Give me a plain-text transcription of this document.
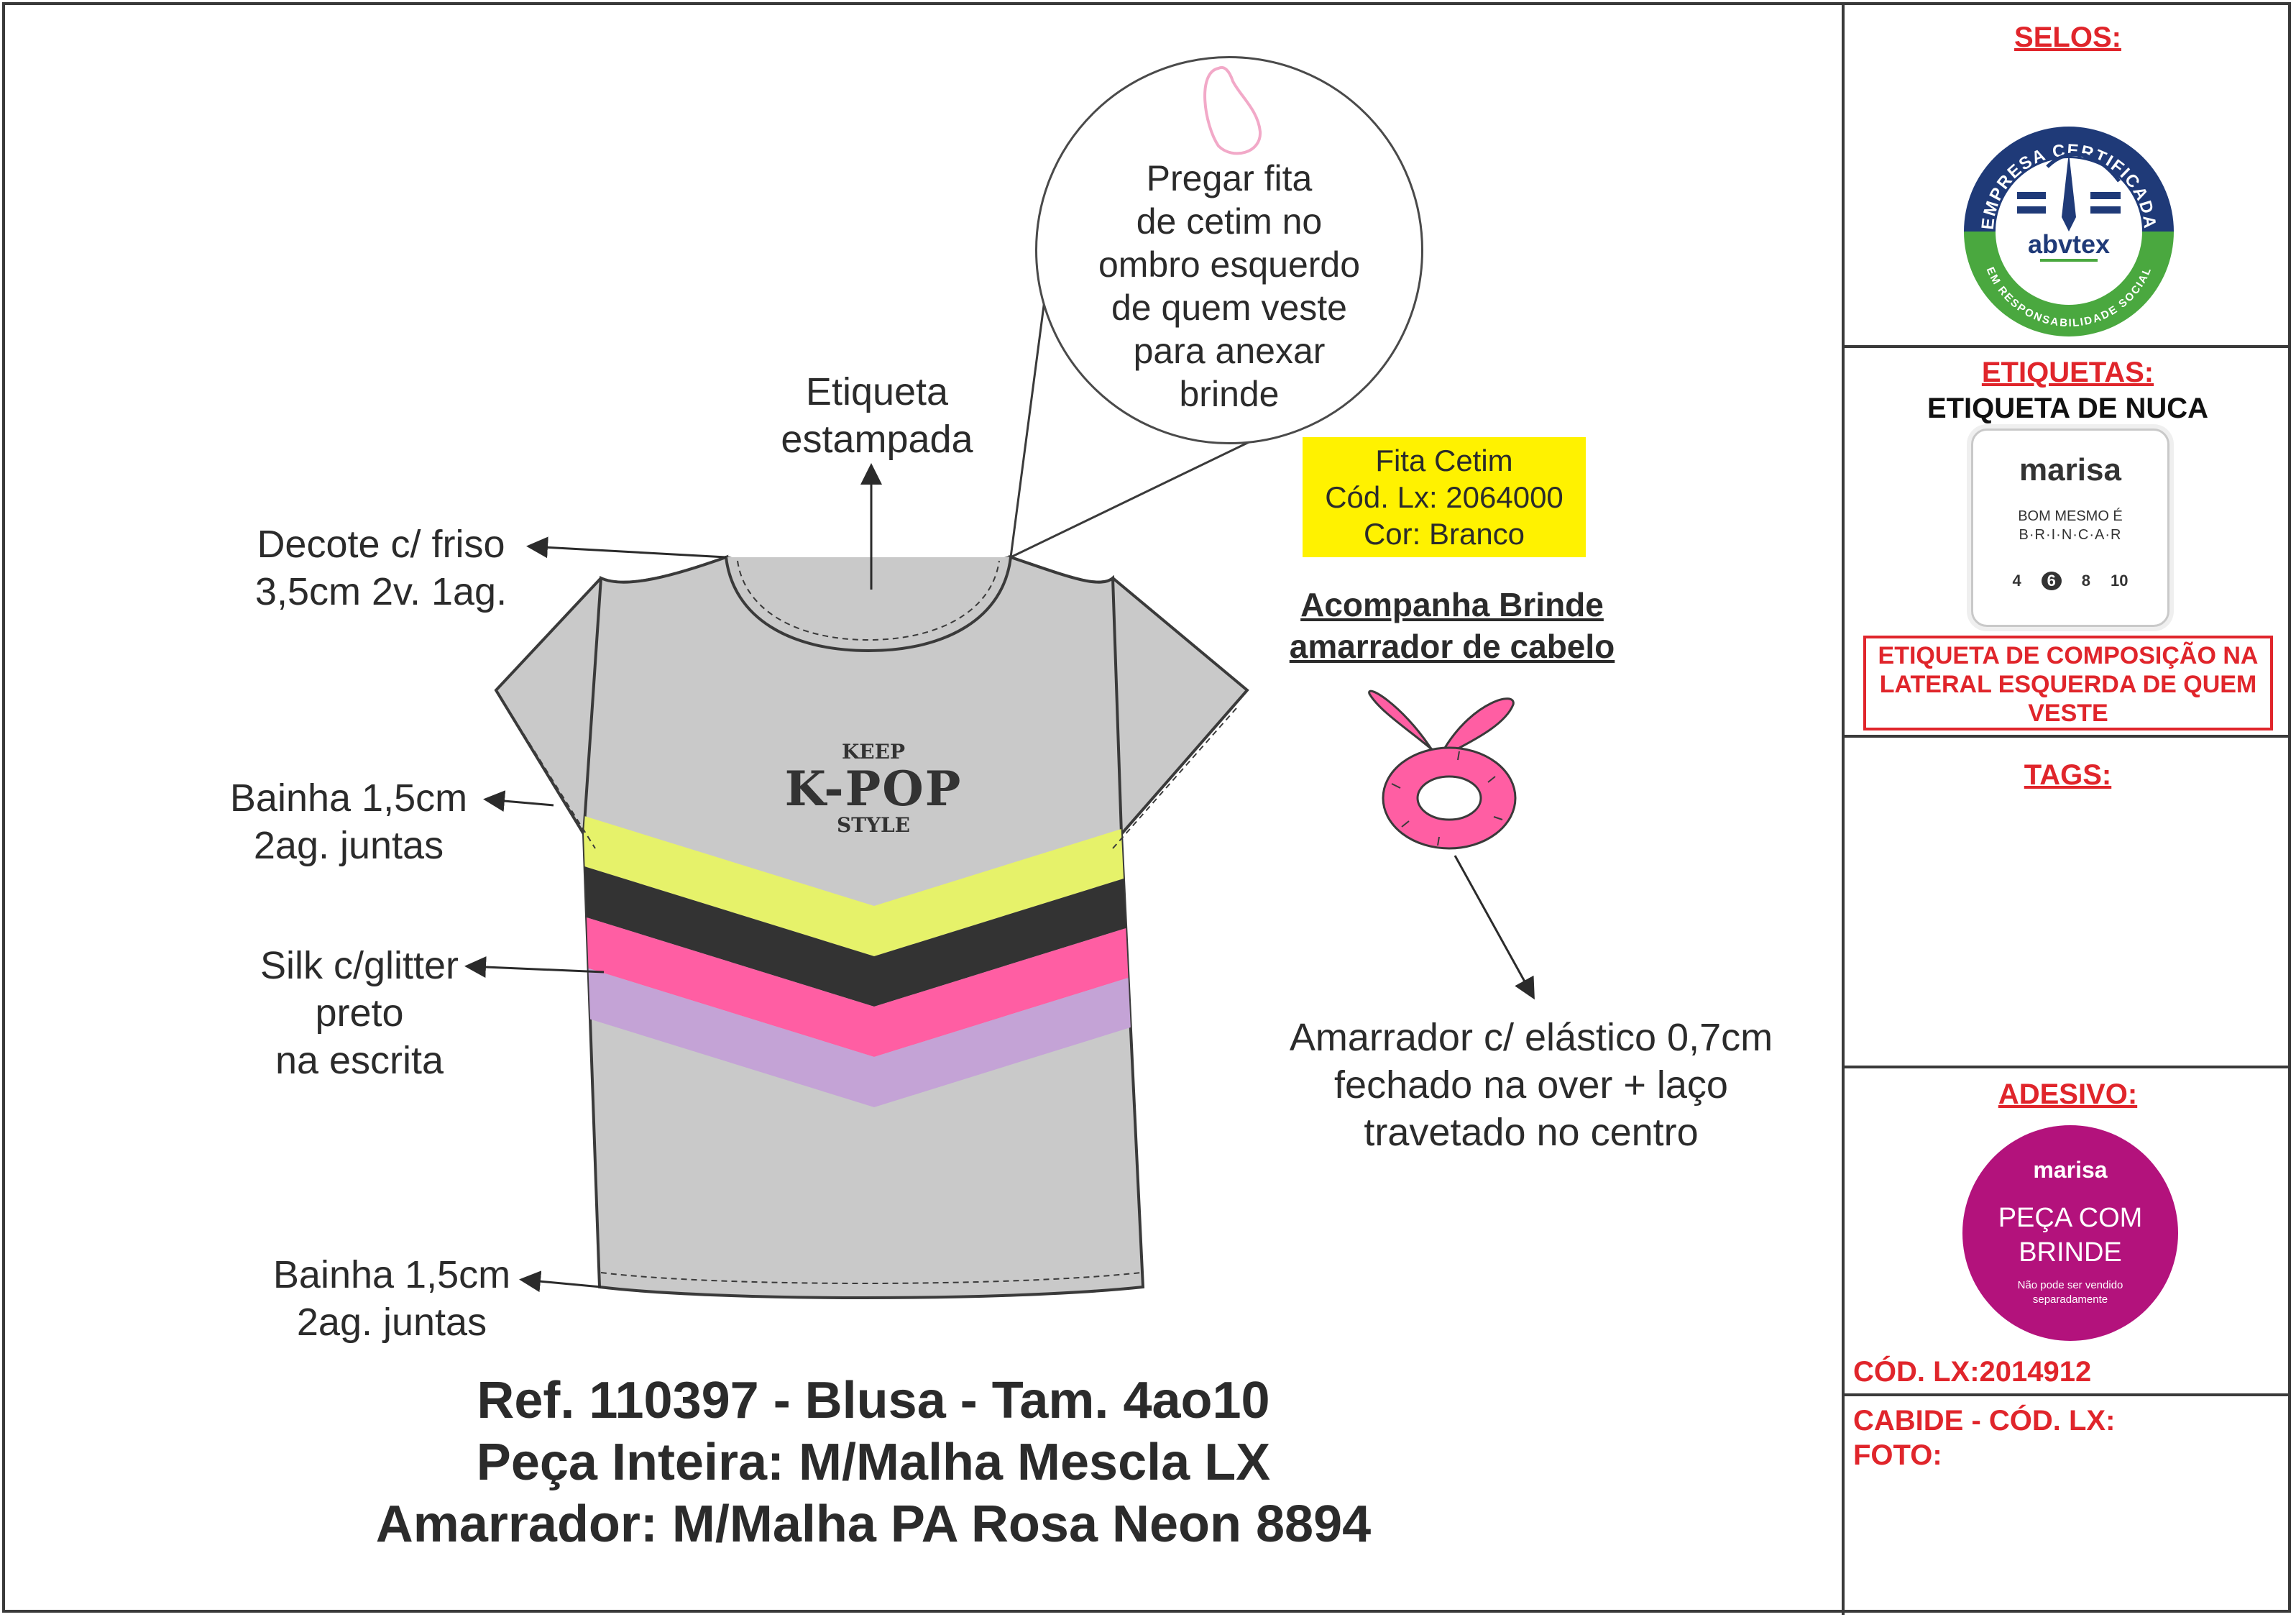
Pregar fita
de cetim no
ombro esquerdo
de quem veste
para anexar
brinde
KEEP
K-POP
STYLE
Etiqueta
estampada
Decote c/ friso
3,5cm 2v. 1ag.
Bainha 1,5cm
2ag. juntas
Silk c/glitter
preto
na escrita
Bainha 1,5cm
2ag. juntas
Fita Cetim
Cód. Lx: 2064000
Cor: Branco
Acompanha Brinde
amarrador de cabelo
Amarrador c/ elástico 0,7cm
fechado na over + laço
travetado no centro
Ref. 110397 - Blusa - Tam. 4ao10
Peça Inteira: M/Malha Mescla LX
Amarrador: M/Malha PA Rosa Neon 8894
SELOS:
EMPRESA CERTIFICADA
EM RESPONSABILIDADE SOCIAL
abvtex
ETIQUETAS:
ETIQUETA DE NUCA
marisa
BOM MESMO É
B·R·I·N·C·A·R
4	6	8 10
ETIQUETA DE COMPOSIÇÃO NA
LATERAL ESQUERDA DE QUEM
VESTE
TAGS:
ADESIVO:
marisa
PEÇA COM
BRINDE
Não pode ser vendido
separadamente
CÓD. LX:2014912
CABIDE - CÓD. LX:
FOTO:
